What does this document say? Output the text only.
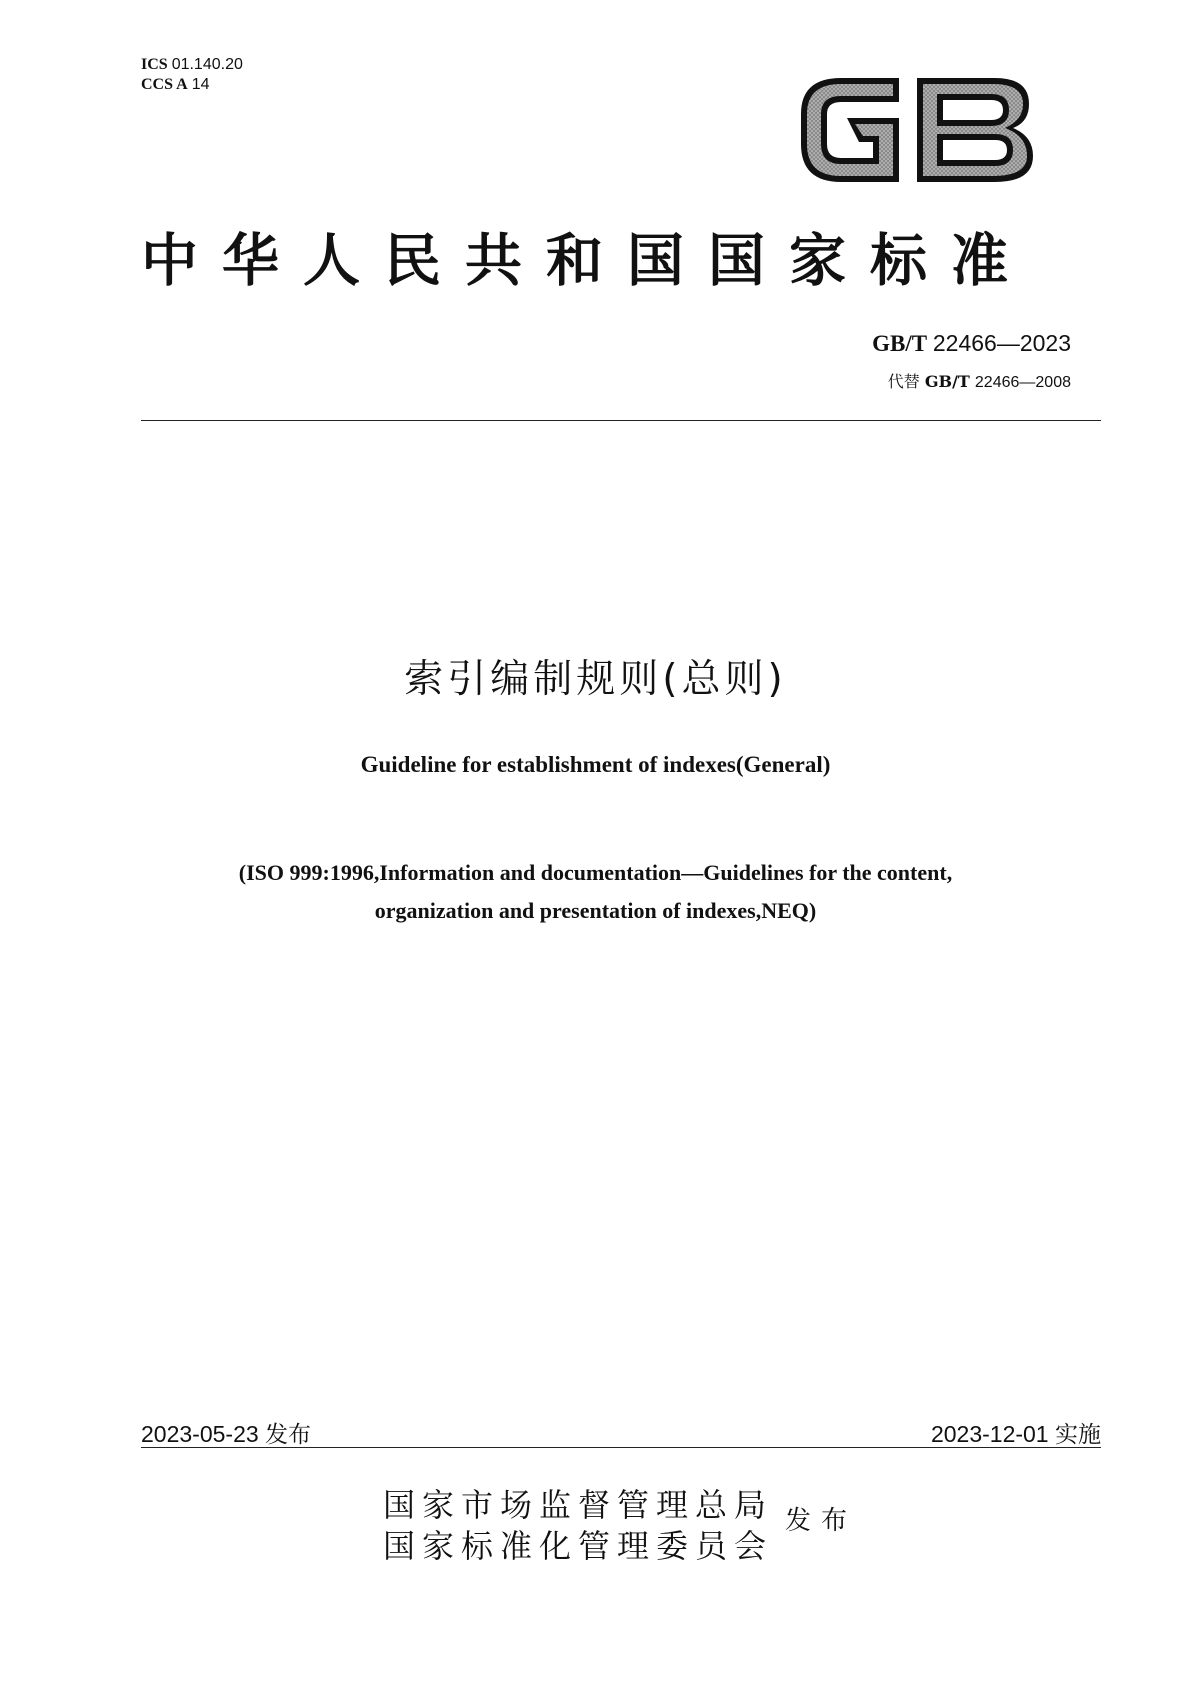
ICS 01.140.20
CCS A 14
中华人民共和国国家标准
GB/T 22466—2023
代替 GB/T 22466—2008
索引编制规则(总则)
Guideline for establishment of indexes(General)
(ISO 999:1996,Information and documentation—Guidelines for the content,
organization and presentation of indexes,NEQ)
2023-05-23 发布	2023-12-01 实施
国家市场监督管理总局
国家标准化管理委员会
发布
